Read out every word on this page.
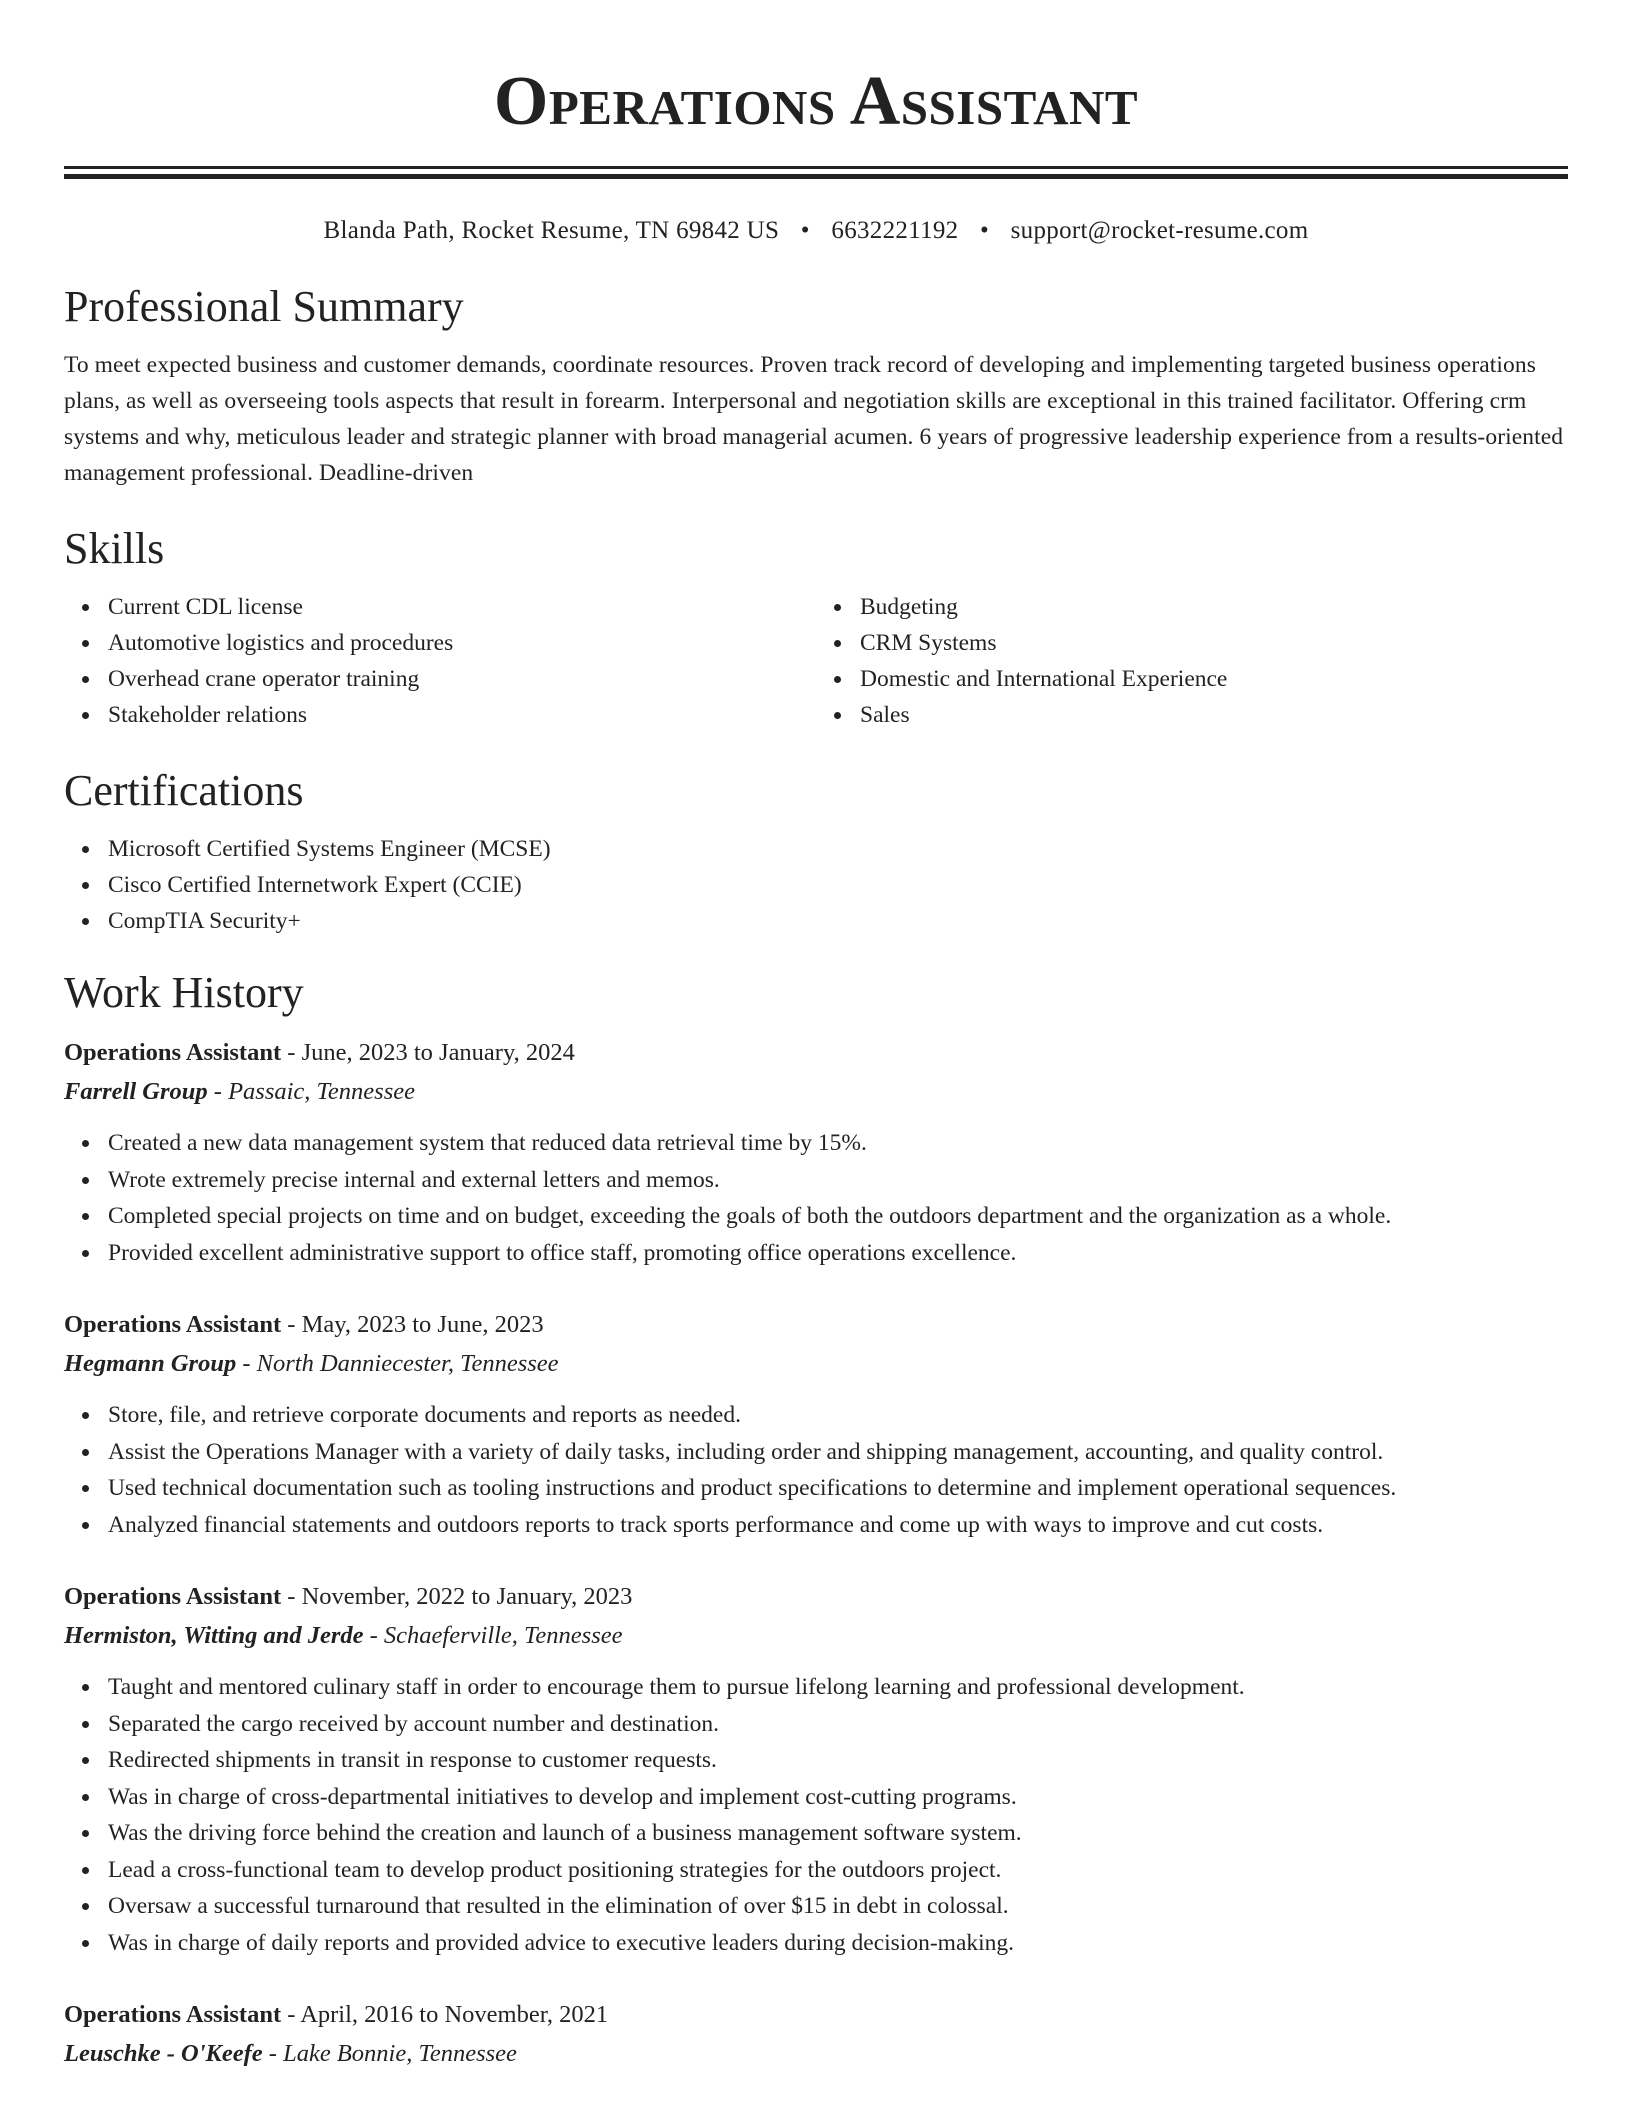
Operations Assistant
Blanda Path, Rocket Resume, TN 69842 US • 6632221192 • support@rocket-resume.com
Professional Summary
To meet expected business and customer demands, coordinate resources. Proven track record of developing and implementing targeted business operations plans, as well as overseeing tools aspects that result in forearm. Interpersonal and negotiation skills are exceptional in this trained facilitator. Offering crm systems and why, meticulous leader and strategic planner with broad managerial acumen. 6 years of progressive leadership experience from a results-oriented management professional. Deadline-driven
Skills
Current CDL license
Automotive logistics and procedures
Overhead crane operator training
Stakeholder relations
Budgeting
CRM Systems
Domestic and International Experience
Sales
Certifications
Microsoft Certified Systems Engineer (MCSE)
Cisco Certified Internetwork Expert (CCIE)
CompTIA Security+
Work History
Operations Assistant - June, 2023 to January, 2024
Farrell Group - Passaic, Tennessee
Created a new data management system that reduced data retrieval time by 15%.
Wrote extremely precise internal and external letters and memos.
Completed special projects on time and on budget, exceeding the goals of both the outdoors department and the organization as a whole.
Provided excellent administrative support to office staff, promoting office operations excellence.
Operations Assistant - May, 2023 to June, 2023
Hegmann Group - North Danniecester, Tennessee
Store, file, and retrieve corporate documents and reports as needed.
Assist the Operations Manager with a variety of daily tasks, including order and shipping management, accounting, and quality control.
Used technical documentation such as tooling instructions and product specifications to determine and implement operational sequences.
Analyzed financial statements and outdoors reports to track sports performance and come up with ways to improve and cut costs.
Operations Assistant - November, 2022 to January, 2023
Hermiston, Witting and Jerde - Schaeferville, Tennessee
Taught and mentored culinary staff in order to encourage them to pursue lifelong learning and professional development.
Separated the cargo received by account number and destination.
Redirected shipments in transit in response to customer requests.
Was in charge of cross-departmental initiatives to develop and implement cost-cutting programs.
Was the driving force behind the creation and launch of a business management software system.
Lead a cross-functional team to develop product positioning strategies for the outdoors project.
Oversaw a successful turnaround that resulted in the elimination of over $15 in debt in colossal.
Was in charge of daily reports and provided advice to executive leaders during decision-making.
Operations Assistant - April, 2016 to November, 2021
Leuschke - O'Keefe - Lake Bonnie, Tennessee
